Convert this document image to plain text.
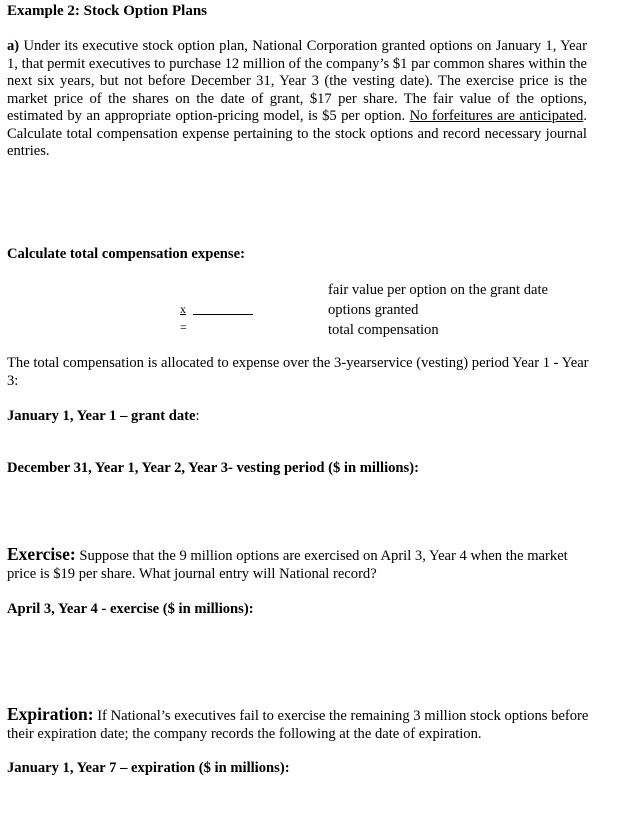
Example 2: Stock Option Plans
a) Under its executive stock option plan, National Corporation granted options on January 1, Year 1, that permit executives to purchase 12 million of the company’s $1 par common shares within the next six years, but not before December 31, Year 3 (the vesting date). The exercise price is the market price of the shares on the date of grant, $17 per share. The fair value of the options, estimated by an appropriate option-pricing model, is $5 per option. No forfeitures are anticipated. Calculate total compensation expense pertaining to the stock options and record necessary journal entries.
Calculate total compensation expense:
x
=
fair value per option on the grant date
options granted
total compensation
The total compensation is allocated to expense over the 3-yearservice (vesting) period Year 1 - Year 3:
January 1, Year 1 – grant date:
December 31, Year 1, Year 2, Year 3- vesting period ($ in millions):
Exercise: Suppose that the 9 million options are exercised on April 3, Year 4 when the market price is $19 per share. What journal entry will National record?
April 3, Year 4 - exercise ($ in millions):
Expiration: If National’s executives fail to exercise the remaining 3 million stock options before their expiration date; the company records the following at the date of expiration.
January 1, Year 7 – expiration ($ in millions):
